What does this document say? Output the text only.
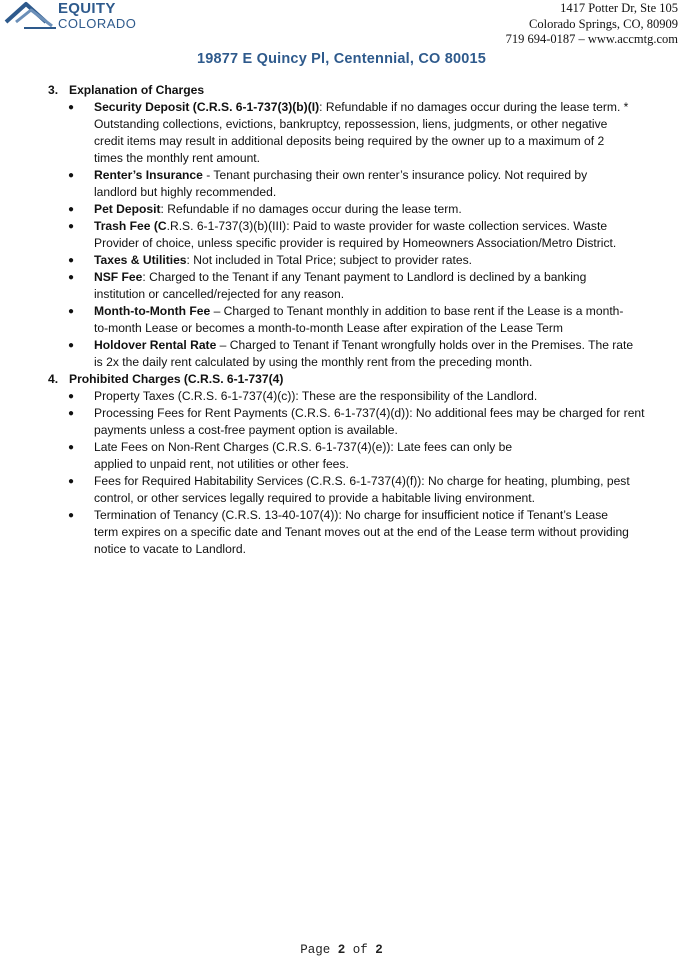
EQUITY
COLORADO
1417 Potter Dr, Ste 105
Colorado Springs, CO, 80909
719 694-0187 – www.accmtg.com
19877 E Quincy Pl, Centennial, CO 80015
3. Explanation of Charges
● Security Deposit (C.R.S. 6-1-737(3)(b)(I): Refundable if no damages occur during the lease term. *
Outstanding collections, evictions, bankruptcy, repossession, liens, judgments, or other negative
credit items may result in additional deposits being required by the owner up to a maximum of 2
times the monthly rent amount.
● Renter’s Insurance - Tenant purchasing their own renter’s insurance policy. Not required by
landlord but highly recommended.
● Pet Deposit: Refundable if no damages occur during the lease term.
● Trash Fee (C.R.S. 6-1-737(3)(b)(III): Paid to waste provider for waste collection services. Waste
Provider of choice, unless specific provider is required by Homeowners Association/Metro District.
● Taxes & Utilities: Not included in Total Price; subject to provider rates.
● NSF Fee: Charged to the Tenant if any Tenant payment to Landlord is declined by a banking
institution or cancelled/rejected for any reason.
● Month-to-Month Fee – Charged to Tenant monthly in addition to base rent if the Lease is a month-
to-month Lease or becomes a month-to-month Lease after expiration of the Lease Term
● Holdover Rental Rate – Charged to Tenant if Tenant wrongfully holds over in the Premises. The rate
is 2x the daily rent calculated by using the monthly rent from the preceding month.
4. Prohibited Charges (C.R.S. 6-1-737(4)
● Property Taxes (C.R.S. 6-1-737(4)(c)): These are the responsibility of the Landlord.
● Processing Fees for Rent Payments (C.R.S. 6-1-737(4)(d)): No additional fees may be charged for rent
payments unless a cost-free payment option is available.
● Late Fees on Non-Rent Charges (C.R.S. 6-1-737(4)(e)): Late fees can only be
applied to unpaid rent, not utilities or other fees.
● Fees for Required Habitability Services (C.R.S. 6-1-737(4)(f)): No charge for heating, plumbing, pest
control, or other services legally required to provide a habitable living environment.
● Termination of Tenancy (C.R.S. 13-40-107(4)): No charge for insufficient notice if Tenant’s Lease
term expires on a specific date and Tenant moves out at the end of the Lease term without providing
notice to vacate to Landlord.
Page 2 of 2
